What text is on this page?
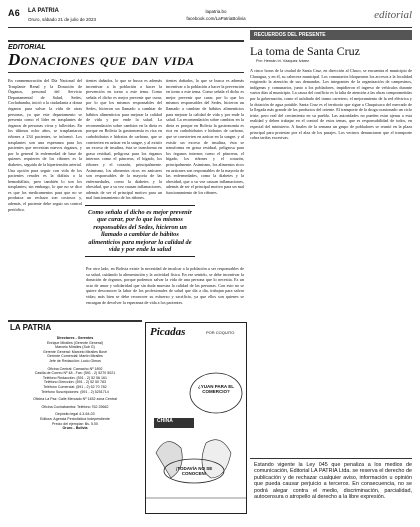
A6 LA PATRIA
Oruro, sábado 21 de julio de 2023
lapatria.bo
facebook.com/LaPatriaBolivia	editorial
EDITORIAL
Donaciones que dan vida
En conmemoración del Día Nacional del Trasplante Renal y la Donación de Órganos, personal del Servicio Departamental de Salud, Sedes, Cochabamba, inició a la ciudadanía a donar órganos para salvar la vida de otras personas, ya que este departamento se presenta como el líder en trasplantes de órganos de personas vivas y fallecidas. En los últimos ocho años, se trasplantaron riñones a 234 pacientes, se informó. Los trasplantes son una esperanza para los pacientes que necesitan nuevos órganos, y por lo general la enfermedad de base de quienes requieren de los riñones es la diabetes, seguida de la hipertensión arterial. Una opción para seguir con vida de los pacientes renales es la diálisis o la hemodiálisis, pero también lo son los trasplantes; sin embargo, lo que no se dice es que los medicamentos para que no se produzca un rechazo son costosos y, además, el paciente debe seguir un control periódico.
tientes dañados, lo que se busca es además incentivar a la población a hacer la prevención en torno a este tema. Como señala el dicho es mejor prevenir que curar, por lo que los mismos responsables del Sedes, hicieron un llamado a cambiar de hábitos alimenticios para mejorar la calidad de vida y por ende la salud. La recomendación sobre cambios en la dieta es porque en Bolivia la gastronomía es rica en carbohidratos e hidratos de carbono, que se convierten en azúcar en la sangre, y al existir un exceso de insulina, ésta se transforma en grasa residual, peligrosa para los órganos internos como el páncreas, el hígado, los riñones y el corazón, principalmente. Asimismo, los alimentos ricos en azúcares son responsables de la mayoría de las enfermedades, como la diabetes y la obesidad, que a su vez causan inflamaciones, además de ser el principal motivo para un mal funcionamiento de los riñones.
tientes dañados, lo que se busca es además incentivar a la población a hacer la prevención en torno a este tema. Como señala el dicho es mejor prevenir que curar, por lo que los mismos responsables del Sedes, hicieron un llamado a cambiar de hábitos alimenticios para mejorar la calidad de vida y por ende la salud. La recomendación sobre cambios en la dieta es porque en Bolivia la gastronomía es rica en carbohidratos e hidratos de carbono, que se convierten en azúcar en la sangre, y al existir un exceso de insulina, ésta se transforma en grasa residual, peligrosa para los órganos internos como el páncreas, el hígado, los riñones y el corazón, principalmente. Asimismo, los alimentos ricos en azúcares son responsables de la mayoría de las enfermedades, como la diabetes y la obesidad, que a su vez causan inflamaciones, además de ser el principal motivo para un mal funcionamiento de los riñones.
Como señala el dicho es mejor prevenir que curar, por lo que los mismos responsables del Sedes, hicieron un llamado a cambiar de hábitos alimenticios para mejorar la calidad de vida y por ende la salud
Por otro lado, en Bolivia existe la necesidad de inculcar a la población a ser responsables de su salud, cuidando la alimentación y la actividad física. En ese sentido, se debe incentivar la donación de órganos, porque podemos salvar la vida de una persona que lo necesita. Es un acto de amor y solidaridad que sin duda muestra la calidad de las personas. Con esto no se quiere desconocer la labor de los profesionales de salud que día a día, trabajan para salvar vidas; más bien se debe reconocer su esfuerzo y sacrificio, ya que ellos son quienes se encargan de devolver la esperanza de vida a los pacientes.
RECUERDOS DEL PRESENTE
La toma de Santa Cruz
Por: Hernán Iri. Vázquez Ivárez
A cinco horas de la ciudad de Santa Cruz, en dirección al Chaco, se encuentra el municipio de Charagua, y en él, su cabecera municipal. Los comunarios bloquearon los accesos a la localidad exigiendo la atención de sus demandas. Los integrantes de la organización de campesinos, indígenas y comunarios, junto a los pobladores, impidieron el ingreso de vehículos durante varios días al municipio. La causa del conflicto es la falta de atención a las obras comprometidas por la gobernación, como el asfaltado del tramo carretero, el mejoramiento de la red eléctrica y la dotación de agua potable. Santa Cruz es el territorio que sigue a Chuquisaca del mercado de la llegada más grande de los productos del oriente. El transporte de la droga ocasionado un ciclo triste, pero real del crecimiento en su pueblo. Las autoridades no pueden estar ajenas a esta realidad y deben trabajar en el control de estos temas, que es responsabilidad de todos, en especial del ministerio. A finales de la semana un grupo de pobladores se reunió en la plaza principal para protestar por el alza de los pasajes. Los vecinos denunciaron que el transporte cobra tarifas excesivas.
LA PATRIA
Directores - Gerentes
Enrique Miralles (Gerente General)
Marcelo Miralles (Sub G)
Gerente General: Marcelo Miralles Bové
Gerente Comercial: Martín Miralles
Jefe de Redacción: Lucio Olmos
Oficina Central: Camacho Nº 1892
Casilla de Correo Nº 48 - Fax: (591 - 2) 5270 5021
Teléfono Redacción: (591 - 2) 52 56 161
Teléfono Dirección: (591 - 2) 52 50 783
Teléfono Comercial: (591 - 2) 52 70 782
Teléfono Suscripciones: (591 - 2) 5251714
Oficina La Paz: Calle Mercado Nº 1452 zona Central
Oficina Cochabamba: Teléfono 762 25662
Depósito legal 4-3-64-03
Editora: Agencia Periodística Independiente
Precio del ejemplar: Bs. 5.00
Oruro - Bolivia
Picadas	POR COQUITO
¿YUAN PARA EL COMERCIO?
CHINA
¡TODAVÍA NO SE CONOCEN!
Estando vigente la Ley 045 que penaliza a los medios de comunicación, Editorial LA PATRIA Ltda. se reserva el derecho de publicación y de rechazar cualquier aviso, información u opinión que pueda causar perjuicio a terceros. En consecuencia, no se podrá alegar contra el medio, discriminación, parcialidad, autocensura o atropello al derecho a la libre expresión.
